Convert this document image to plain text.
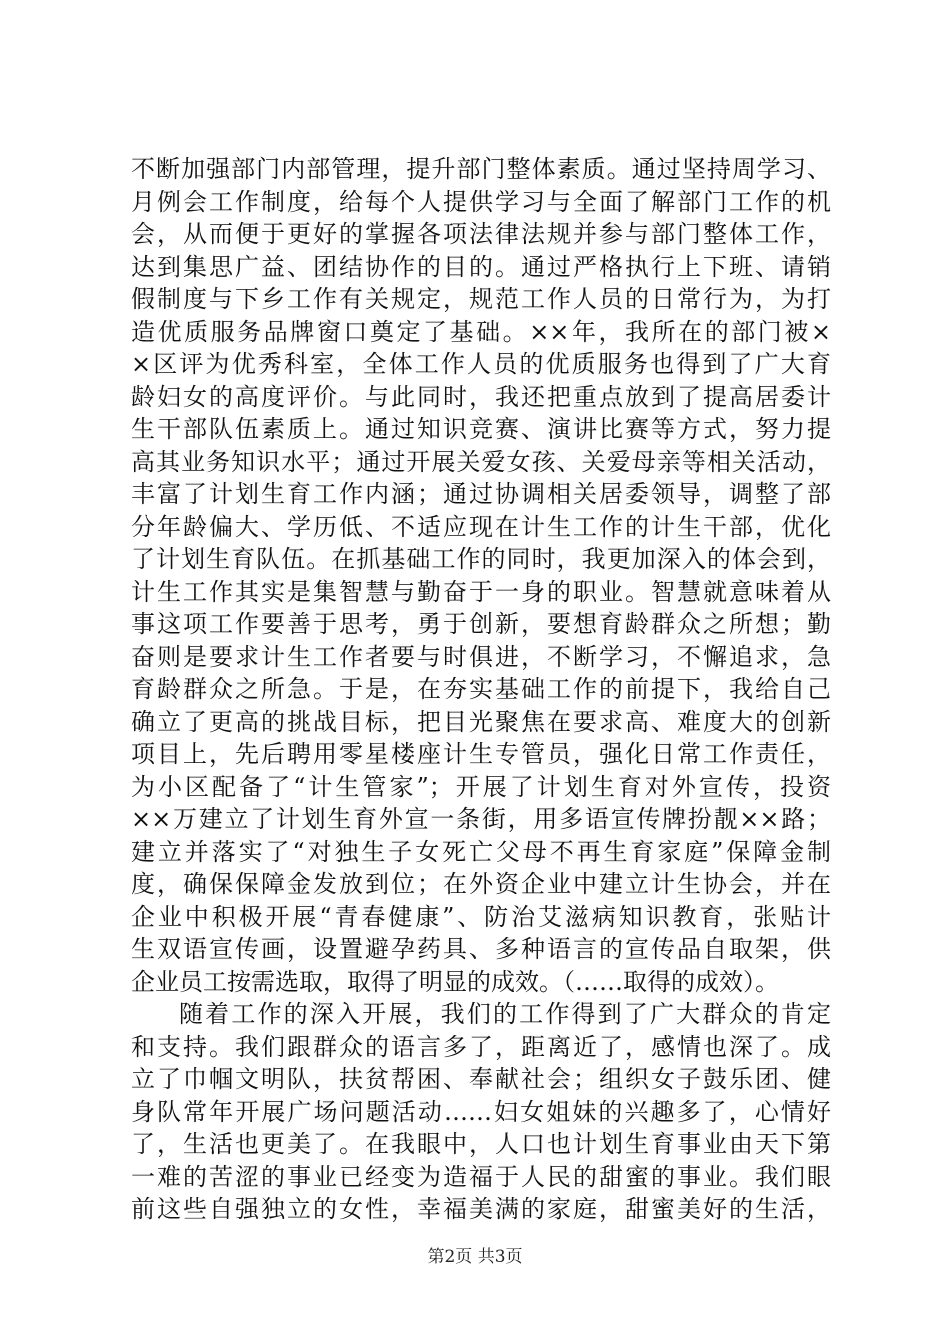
不断加强部门内部管理，提升部门整体素质。通过坚持周学习、
月例会工作制度，给每个人提供学习与全面了解部门工作的机
会，从而便于更好的掌握各项法律法规并参与部门整体工作，
达到集思广益、团结协作的目的。通过严格执行上下班、请销
假制度与下乡工作有关规定，规范工作人员的日常行为，为打
造优质服务品牌窗口奠定了基础。××年，我所在的部门被×
×区评为优秀科室，全体工作人员的优质服务也得到了广大育
龄妇女的高度评价。与此同时，我还把重点放到了提高居委计
生干部队伍素质上。通过知识竞赛、演讲比赛等方式，努力提
高其业务知识水平；通过开展关爱女孩、关爱母亲等相关活动，
丰富了计划生育工作内涵；通过协调相关居委领导，调整了部
分年龄偏大、学历低、不适应现在计生工作的计生干部，优化
了计划生育队伍。在抓基础工作的同时，我更加深入的体会到，
计生工作其实是集智慧与勤奋于一身的职业。智慧就意味着从
事这项工作要善于思考，勇于创新，要想育龄群众之所想；勤
奋则是要求计生工作者要与时俱进，不断学习，不懈追求，急
育龄群众之所急。于是，在夯实基础工作的前提下，我给自己
确立了更高的挑战目标，把目光聚焦在要求高、难度大的创新
项目上，先后聘用零星楼座计生专管员，强化日常工作责任，
为小区配备了“计生管家”；开展了计划生育对外宣传，投资
××万建立了计划生育外宣一条街，用多语宣传牌扮靓××路；
建立并落实了“对独生子女死亡父母不再生育家庭”保障金制
度，确保保障金发放到位；在外资企业中建立计生协会，并在
企业中积极开展“青春健康”、防治艾滋病知识教育，张贴计
生双语宣传画，设置避孕药具、多种语言的宣传品自取架，供
企业员工按需选取，取得了明显的成效。（……取得的成效）。
随着工作的深入开展，我们的工作得到了广大群众的肯定
和支持。我们跟群众的语言多了，距离近了，感情也深了。成
立了巾帼文明队，扶贫帮困、奉献社会；组织女子鼓乐团、健
身队常年开展广场问题活动……妇女姐妹的兴趣多了，心情好
了，生活也更美了。在我眼中，人口也计划生育事业由天下第
一难的苦涩的事业已经变为造福于人民的甜蜜的事业。我们眼
前这些自强独立的女性，幸福美满的家庭，甜蜜美好的生活，
第2页 共3页
